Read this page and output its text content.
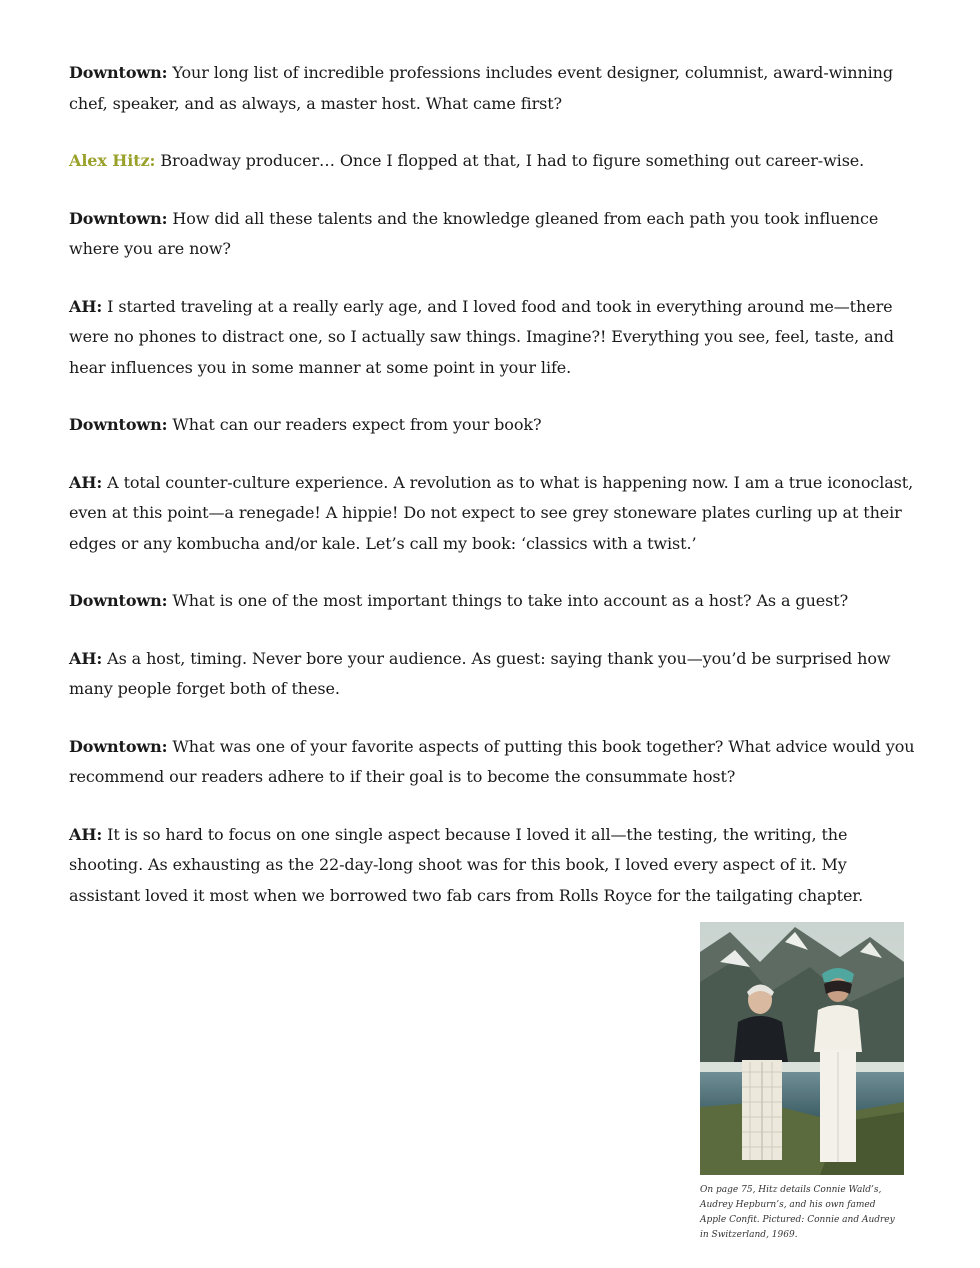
Downtown: Your long list of incredible professions includes event designer, columnist, award-winning chef, speaker, and as always, a master host. What came first?

Alex Hitz: Broadway producer… Once I flopped at that, I had to figure something out career-wise.

Downtown: How did all these talents and the knowledge gleaned from each path you took influence where you are now?

AH: I started traveling at a really early age, and I loved food and took in everything around me—there were no phones to distract one, so I actually saw things. Imagine?! Everything you see, feel, taste, and hear influences you in some manner at some point in your life.

Downtown: What can our readers expect from your book?

AH: A total counter-culture experience. A revolution as to what is happening now. I am a true iconoclast, even at this point—a renegade! A hippie! Do not expect to see grey stoneware plates curling up at their edges or any kombucha and/or kale. Let’s call my book: ‘classics with a twist.’

Downtown: What is one of the most important things to take into account as a host? As a guest?

AH: As a host, timing. Never bore your audience. As guest: saying thank you—you’d be surprised how many people forget both of these.

Downtown: What was one of your favorite aspects of putting this book together? What advice would you recommend our readers adhere to if their goal is to become the consummate host?

AH: It is so hard to focus on one single aspect because I loved it all—the testing, the writing, the shooting. As exhausting as the 22-day-long shoot was for this book, I loved every aspect of it. My assistant loved it most when we borrowed two fab cars from Rolls Royce for the tailgating chapter.

On page 75, Hitz details Connie Wald’s, Audrey Hepburn’s, and his own famed Apple Confit. Pictured: Connie and Audrey in Switzerland, 1969.
